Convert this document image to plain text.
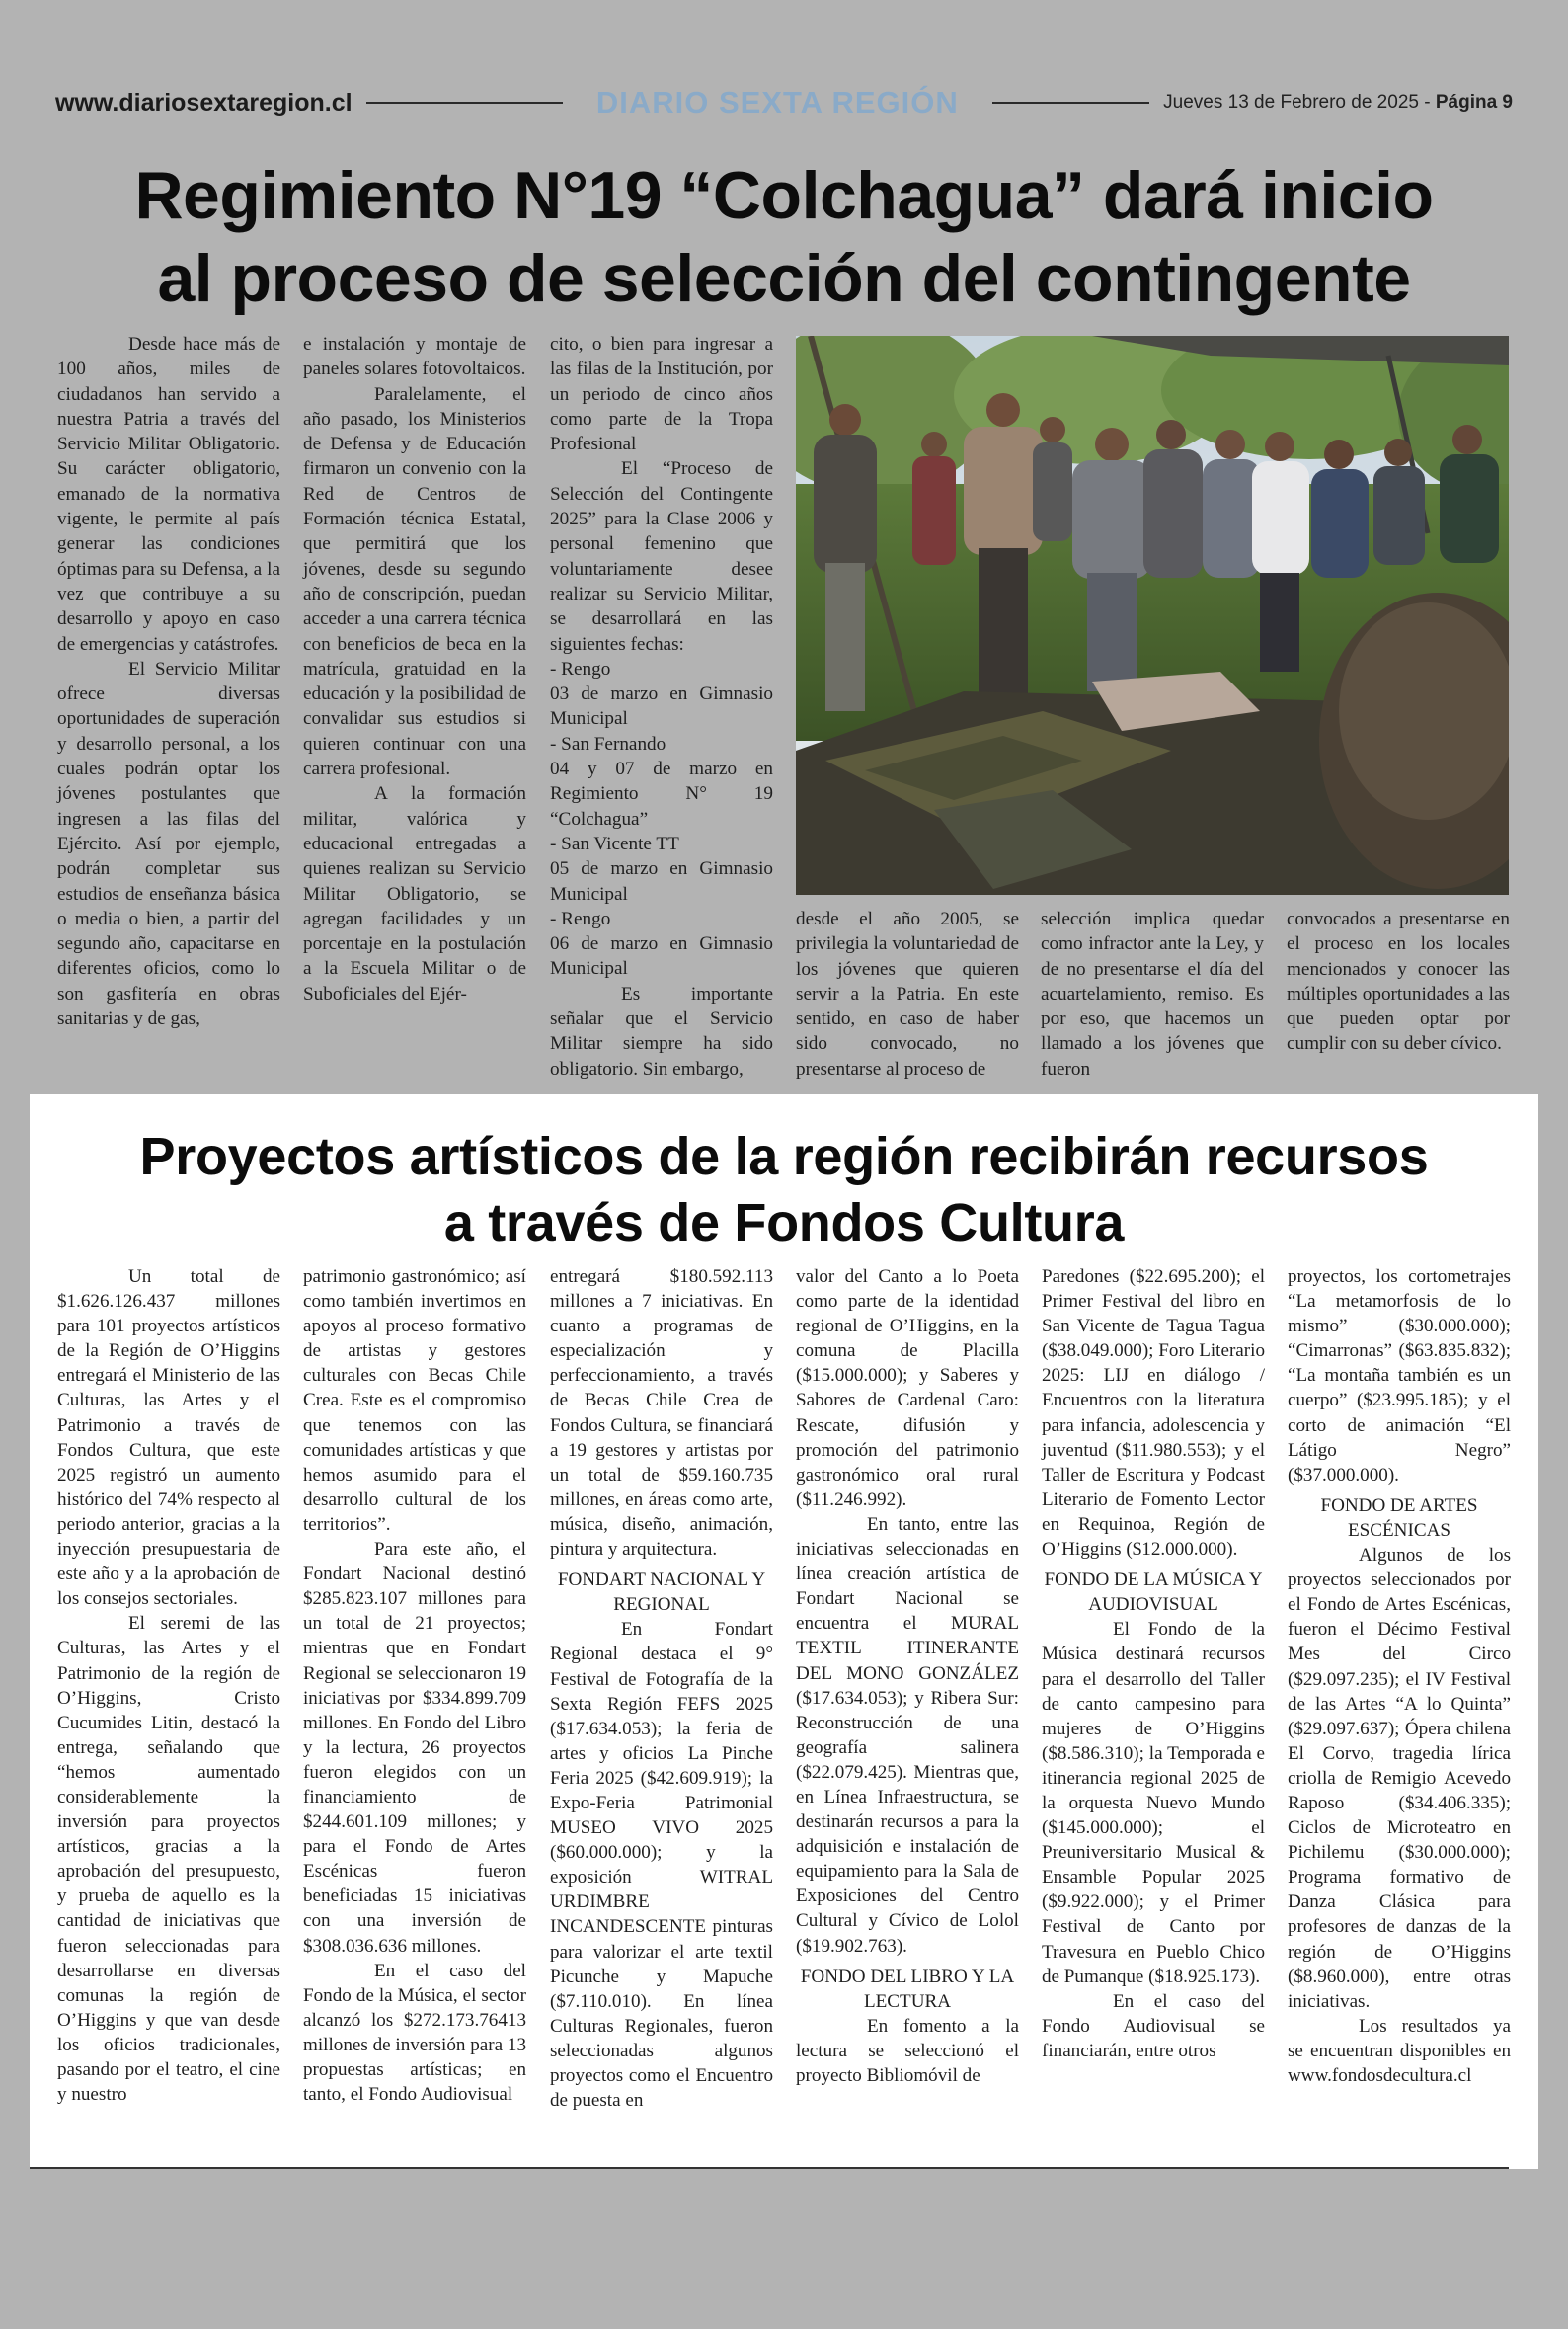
www.diariosextaregion.cl	DIARIO SEXTA REGIÓN	Jueves 13 de Febrero de 2025 - Página 9
Regimiento N°19 “Colchagua” dará inicio
al proceso de selección del contingente

Desde hace más de 100 años, miles de ciudadanos han servido a nuestra Patria a través del Servicio Militar Obligatorio. Su carácter obligatorio, emanado de la normativa vigente, le permite al país generar las condiciones óptimas para su Defensa, a la vez que contribuye a su desarrollo y apoyo en caso de emergencias y catástrofes.

El Servicio Militar ofrece diversas oportunidades de superación y desarrollo personal, a los cuales podrán optar los jóvenes postulantes que ingresen a las filas del Ejército. Así por ejemplo, podrán completar sus estudios de enseñanza básica o media o bien, a partir del segundo año, capacitarse en diferentes oficios, como lo son gasfitería en obras sanitarias y de gas,

e instalación y montaje de paneles solares fotovoltaicos.

Paralelamente, el año pasado, los Ministerios de Defensa y de Educación firmaron un convenio con la Red de Centros de Formación técnica Estatal, que permitirá que los jóvenes, desde su segundo año de conscripción, puedan acceder a una carrera técnica con beneficios de beca en la matrícula, gratuidad en la educación y la posibilidad de convalidar sus estudios si quieren continuar con una carrera profesional.

A la formación militar, valórica y educacional entregadas a quienes realizan su Servicio Militar Obligatorio, se agregan facilidades y un porcentaje en la postulación a la Escuela Militar o de Suboficiales del Ejér-

cito, o bien para ingresar a las filas de la Institución, por un periodo de cinco años como parte de la Tropa Profesional

El “Proceso de Selección del Contingente 2025” para la Clase 2006 y personal femenino que voluntariamente desee realizar su Servicio Militar, se desarrollará en las siguientes fechas:

- Rengo

03 de marzo en Gimnasio Municipal

- San Fernando

04 y 07 de marzo en Regimiento N° 19 “Colchagua”

- San Vicente TT

05 de marzo en Gimnasio Municipal

- Rengo

06 de marzo en Gimnasio Municipal

Es importante señalar que el Servicio Militar siempre ha sido obligatorio. Sin embargo,

desde el año 2005, se privilegia la voluntariedad de los jóvenes que quieren servir a la Patria. En este sentido, en caso de haber sido convocado, no presentarse al proceso de

selección implica quedar como infractor ante la Ley, y de no presentarse el día del acuartelamiento, remiso. Es por eso, que hacemos un llamado a los jóvenes que fueron

convocados a presentarse en el proceso en los locales mencionados y conocer las múltiples oportunidades a las que pueden optar por cumplir con su deber cívico.

Proyectos artísticos de la región recibirán recursos
a través de Fondos Cultura

Un total de $1.626.126.437 millones para 101 proyectos artísticos de la Región de O’Higgins entregará el Ministerio de las Culturas, las Artes y el Patrimonio a través de Fondos Cultura, que este 2025 registró un aumento histórico del 74% respecto al periodo anterior, gracias a la inyección presupuestaria de este año y a la aprobación de los consejos sectoriales.

El seremi de las Culturas, las Artes y el Patrimonio de la región de O’Higgins, Cristo Cucumides Litin, destacó la entrega, señalando que “hemos aumentado considerablemente la inversión para proyectos artísticos, gracias a la aprobación del presupuesto, y prueba de aquello es la cantidad de iniciativas que fueron seleccionadas para desarrollarse en diversas comunas la región de O’Higgins y que van desde los oficios tradicionales, pasando por el teatro, el cine y nuestro

patrimonio gastronómico; así como también invertimos en apoyos al proceso formativo de artistas y gestores culturales con Becas Chile Crea. Este es el compromiso que tenemos con las comunidades artísticas y que hemos asumido para el desarrollo cultural de los territorios”.

Para este año, el Fondart Nacional destinó $285.823.107 millones para un total de 21 proyectos; mientras que en Fondart Regional se seleccionaron 19 iniciativas por $334.899.709 millones. En Fondo del Libro y la lectura, 26 proyectos fueron elegidos con un financiamiento de $244.601.109 millones; y para el Fondo de Artes Escénicas fueron beneficiadas 15 iniciativas con una inversión de $308.036.636 millones.

En el caso del Fondo de la Música, el sector alcanzó los $272.173.76413 millones de inversión para 13 propuestas artísticas; en tanto, el Fondo Audiovisual

entregará $180.592.113 millones a 7 iniciativas. En cuanto a programas de especialización y perfeccionamiento, a través de Becas Chile Crea de Fondos Cultura, se financiará a 19 gestores y artistas por un total de $59.160.735 millones, en áreas como arte, música, diseño, animación, pintura y arquitectura.

FONDART NACIONAL Y REGIONAL

En Fondart Regional destaca el 9° Festival de Fotografía de la Sexta Región FEFS 2025 ($17.634.053); la feria de artes y oficios La Pinche Feria 2025 ($42.609.919); la Expo-Feria Patrimonial MUSEO VIVO 2025 ($60.000.000); y la exposición WITRAL URDIMBRE INCANDESCENTE pinturas para valorizar el arte textil Picunche y Mapuche ($7.110.010). En línea Culturas Regionales, fueron seleccionadas algunos proyectos como el Encuentro de puesta en

valor del Canto a lo Poeta como parte de la identidad regional de O’Higgins, en la comuna de Placilla ($15.000.000); y Saberes y Sabores de Cardenal Caro: Rescate, difusión y promoción del patrimonio gastronómico oral rural ($11.246.992).

En tanto, entre las iniciativas seleccionadas en línea creación artística de Fondart Nacional se encuentra el MURAL TEXTIL ITINERANTE DEL MONO GONZÁLEZ ($17.634.053); y Ribera Sur: Reconstrucción de una geografía salinera ($22.079.425). Mientras que, en Línea Infraestructura, se destinarán recursos a para la adquisición e instalación de equipamiento para la Sala de Exposiciones del Centro Cultural y Cívico de Lolol ($19.902.763).

FONDO DEL LIBRO Y LA LECTURA

En fomento a la lectura se seleccionó el proyecto Bibliomóvil de

Paredones ($22.695.200); el Primer Festival del libro en San Vicente de Tagua Tagua ($38.049.000); Foro Literario 2025: LIJ en diálogo / Encuentros con la literatura para infancia, adolescencia y juventud ($11.980.553); y el Taller de Escritura y Podcast Literario de Fomento Lector en Requinoa, Región de O’Higgins ($12.000.000).

FONDO DE LA MÚSICA Y AUDIOVISUAL

El Fondo de la Música destinará recursos para el desarrollo del Taller de canto campesino para mujeres de O’Higgins ($8.586.310); la Temporada e itinerancia regional 2025 de la orquesta Nuevo Mundo ($145.000.000); el Preuniversitario Musical & Ensamble Popular 2025 ($9.922.000); y el Primer Festival de Canto por Travesura en Pueblo Chico de Pumanque ($18.925.173).

En el caso del Fondo Audiovisual se financiarán, entre otros

proyectos, los cortometrajes “La metamorfosis de lo mismo” ($30.000.000); “Cimarronas” ($63.835.832); “La montaña también es un cuerpo” ($23.995.185); y el corto de animación “El Látigo Negro” ($37.000.000).

FONDO DE ARTES ESCÉNICAS

Algunos de los proyectos seleccionados por el Fondo de Artes Escénicas, fueron el Décimo Festival Mes del Circo ($29.097.235); el IV Festival de las Artes “A lo Quinta” ($29.097.637); Ópera chilena El Corvo, tragedia lírica criolla de Remigio Acevedo Raposo ($34.406.335); Ciclos de Microteatro en Pichilemu ($30.000.000); Programa formativo de Danza Clásica para profesores de danzas de la región de O’Higgins ($8.960.000), entre otras iniciativas.

Los resultados ya se encuentran disponibles en www.fondosdecultura.cl
